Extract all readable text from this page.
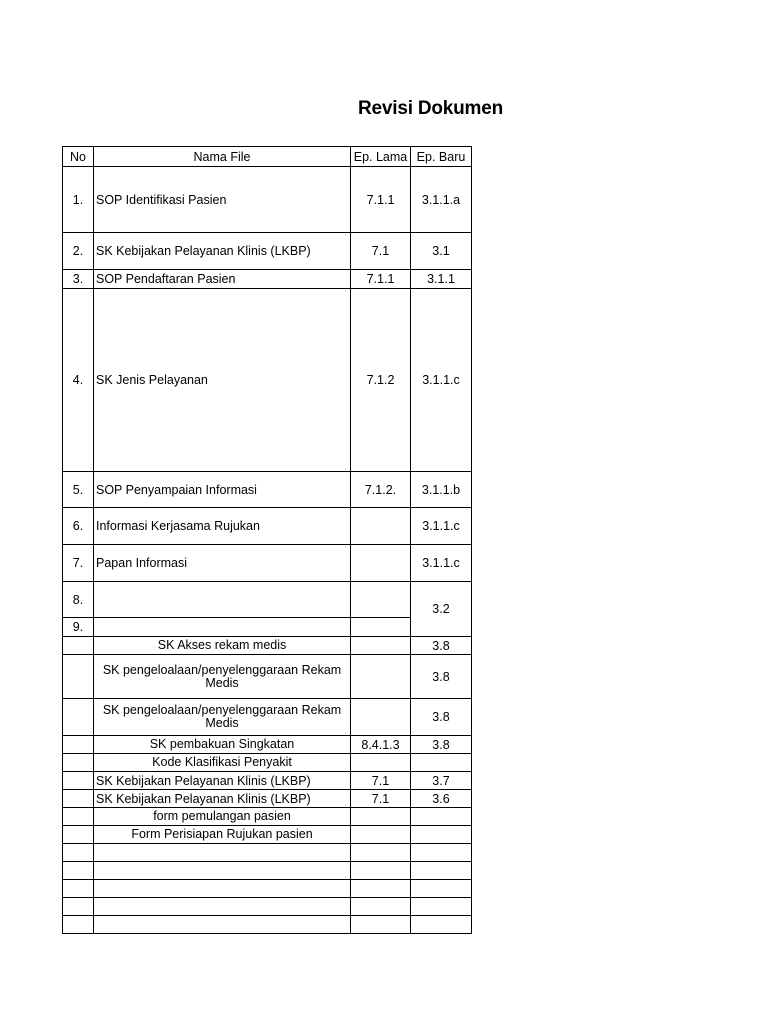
Revisi Dokumen
No	Nama File	Ep. Lama	Ep. Baru
1.	SOP Identifikasi Pasien	7.1.1	3.1.1.a
2.	SK Kebijakan Pelayanan Klinis (LKBP)	7.1	3.1
3.	SOP Pendaftaran Pasien	7.1.1	3.1.1
4.	SK Jenis Pelayanan	7.1.2	3.1.1.c
5.	SOP Penyampaian Informasi	7.1.2.	3.1.1.b
6.	Informasi Kerjasama Rujukan		3.1.1.c
7.	Papan Informasi		3.1.1.c
8.			3.2
9.			
	SK Akses rekam medis		3.8
	SK pengeloalaan/penyelenggaraan Rekam Medis		3.8
	SK pengeloalaan/penyelenggaraan Rekam Medis		3.8
	SK pembakuan Singkatan	8.4.1.3	3.8
	Kode Klasifikasi Penyakit		
	SK Kebijakan Pelayanan Klinis (LKBP)	7.1	3.7
	SK Kebijakan Pelayanan Klinis (LKBP)	7.1	3.6
	form pemulangan pasien		
	Form Perisiapan Rujukan pasien		
